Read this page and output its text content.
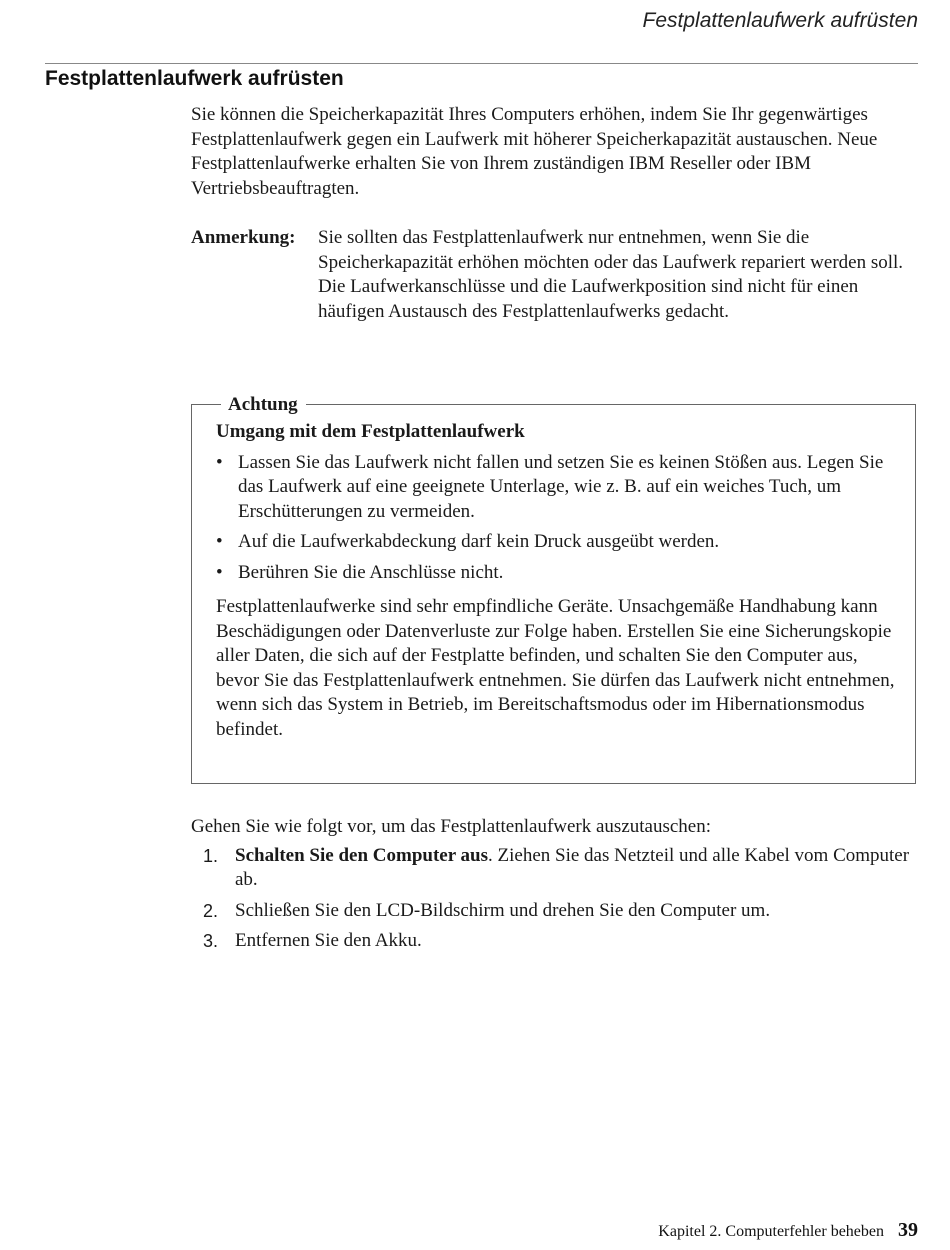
Festplattenlaufwerk aufrüsten
Festplattenlaufwerk aufrüsten

Sie können die Speicherkapazität Ihres Computers erhöhen, indem Sie Ihr gegenwärtiges Festplattenlaufwerk gegen ein Laufwerk mit höherer Speicherkapazität austauschen. Neue Festplattenlaufwerke erhalten Sie von Ihrem zuständigen IBM Reseller oder IBM Vertriebsbeauftragten.

Anmerkung:	Sie sollten das Festplattenlaufwerk nur entnehmen, wenn Sie die Speicherkapazität erhöhen möchten oder das Laufwerk repariert werden soll. Die Laufwerkanschlüsse und die Laufwerkposition sind nicht für einen häufigen Austausch des Festplattenlaufwerks gedacht.
Achtung
Umgang mit dem Festplattenlaufwerk
• Lassen Sie das Laufwerk nicht fallen und setzen Sie es keinen Stößen aus. Legen Sie das Laufwerk auf eine geeignete Unterlage, wie z. B. auf ein weiches Tuch, um Erschütterungen zu vermeiden.
• Auf die Laufwerkabdeckung darf kein Druck ausgeübt werden.
• Berühren Sie die Anschlüsse nicht.

Festplattenlaufwerke sind sehr empfindliche Geräte. Unsachgemäße Handhabung kann Beschädigungen oder Datenverluste zur Folge haben. Erstellen Sie eine Sicherungskopie aller Daten, die sich auf der Festplatte befinden, und schalten Sie den Computer aus, bevor Sie das Festplattenlaufwerk entnehmen. Sie dürfen das Laufwerk nicht entnehmen, wenn sich das System in Betrieb, im Bereitschaftsmodus oder im Hibernationsmodus befindet.

Gehen Sie wie folgt vor, um das Festplattenlaufwerk auszutauschen:

1. Schalten Sie den Computer aus. Ziehen Sie das Netzteil und alle Kabel vom Computer ab.
2. Schließen Sie den LCD-Bildschirm und drehen Sie den Computer um.
3. Entfernen Sie den Akku.
Kapitel 2. Computerfehler beheben 39
